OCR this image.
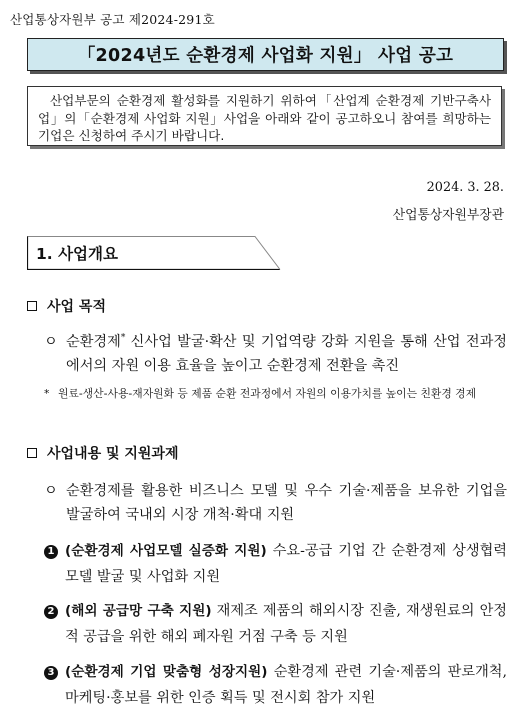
산업통상자원부 공고 제2024-291호
「2024년도 순환경제 사업화 지원」 사업 공고
산업부문의 순환경제 활성화를 지원하기 위하여「산업계 순환경제 기반구축사업」의「순환경제 사업화 지원」사업을 아래와 같이 공고하오니 참여를 희망하는 기업은 신청하여 주시기 바랍니다.
2024. 3. 28.
산업통상자원부장관
1. 사업개요
사업 목적
ㅇ 순환경제* 신사업 발굴·확산 및 기업역량 강화 지원을 통해 산업 전과정에서의 자원 이용 효율을 높이고 순환경제 전환을 촉진
* 원료-생산-사용-재자원화 등 제품 순환 전과정에서 자원의 이용가치를 높이는 친환경 경제
사업내용 및 지원과제
ㅇ 순환경제를 활용한 비즈니스 모델 및 우수 기술·제품을 보유한 기업을 발굴하여 국내외 시장 개척·확대 지원
1 (순환경제 사업모델 실증화 지원) 수요-공급 기업 간 순환경제 상생협력 모델 발굴 및 사업화 지원
2 (해외 공급망 구축 지원) 재제조 제품의 해외시장 진출, 재생원료의 안정적 공급을 위한 해외 폐자원 거점 구축 등 지원
3 (순환경제 기업 맞춤형 성장지원) 순환경제 관련 기술·제품의 판로개척, 마케팅·홍보를 위한 인증 획득 및 전시회 참가 지원
